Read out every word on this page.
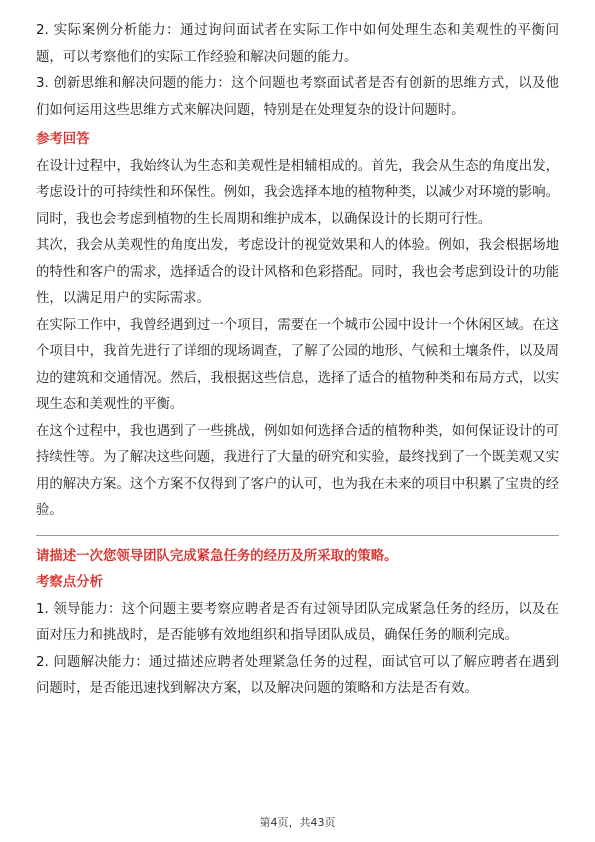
2. 实际案例分析能力：通过询问面试者在实际工作中如何处理生态和美观性的平衡问题，可以考察他们的实际工作经验和解决问题的能力。

3. 创新思维和解决问题的能力：这个问题也考察面试者是否有创新的思维方式，以及他们如何运用这些思维方式来解决问题，特别是在处理复杂的设计问题时。

参考回答

在设计过程中，我始终认为生态和美观性是相辅相成的。首先，我会从生态的角度出发，考虑设计的可持续性和环保性。例如，我会选择本地的植物种类，以减少对环境的影响。同时，我也会考虑到植物的生长周期和维护成本，以确保设计的长期可行性。

其次，我会从美观性的角度出发，考虑设计的视觉效果和人的体验。例如，我会根据场地的特性和客户的需求，选择适合的设计风格和色彩搭配。同时，我也会考虑到设计的功能性，以满足用户的实际需求。

在实际工作中，我曾经遇到过一个项目，需要在一个城市公园中设计一个休闲区域。在这个项目中，我首先进行了详细的现场调查，了解了公园的地形、气候和土壤条件，以及周边的建筑和交通情况。然后，我根据这些信息，选择了适合的植物种类和布局方式，以实现生态和美观性的平衡。

在这个过程中，我也遇到了一些挑战，例如如何选择合适的植物种类，如何保证设计的可持续性等。为了解决这些问题，我进行了大量的研究和实验，最终找到了一个既美观又实用的解决方案。这个方案不仅得到了客户的认可，也为我在未来的项目中积累了宝贵的经验。

请描述一次您领导团队完成紧急任务的经历及所采取的策略。

考察点分析

1. 领导能力：这个问题主要考察应聘者是否有过领导团队完成紧急任务的经历，以及在面对压力和挑战时，是否能够有效地组织和指导团队成员，确保任务的顺利完成。

2. 问题解决能力：通过描述应聘者处理紧急任务的过程，面试官可以了解应聘者在遇到问题时，是否能迅速找到解决方案，以及解决问题的策略和方法是否有效。

第4页，共43页
